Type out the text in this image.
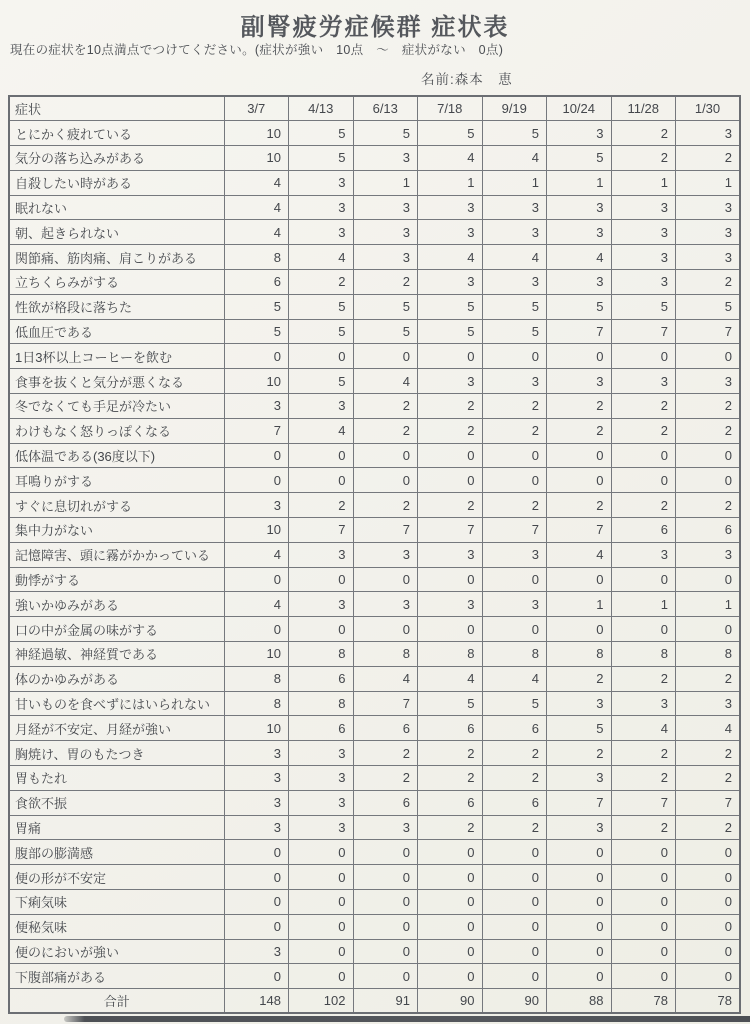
副腎疲労症候群 症状表
現在の症状を10点満点でつけてください。(症状が強い　10点　～　症状がない　0点)
名前:森本　恵
症状	3/7	4/13	6/13	7/18	9/19	10/24	11/28	1/30
とにかく疲れている	10	5	5	5	5	3	2	3
気分の落ち込みがある	10	5	3	4	4	5	2	2
自殺したい時がある	4	3	1	1	1	1	1	1
眠れない	4	3	3	3	3	3	3	3
朝、起きられない	4	3	3	3	3	3	3	3
関節痛、筋肉痛、肩こりがある	8	4	3	4	4	4	3	3
立ちくらみがする	6	2	2	3	3	3	3	2
性欲が格段に落ちた	5	5	5	5	5	5	5	5
低血圧である	5	5	5	5	5	7	7	7
1日3杯以上コーヒーを飲む	0	0	0	0	0	0	0	0
食事を抜くと気分が悪くなる	10	5	4	3	3	3	3	3
冬でなくても手足が冷たい	3	3	2	2	2	2	2	2
わけもなく怒りっぽくなる	7	4	2	2	2	2	2	2
低体温である(36度以下)	0	0	0	0	0	0	0	0
耳鳴りがする	0	0	0	0	0	0	0	0
すぐに息切れがする	3	2	2	2	2	2	2	2
集中力がない	10	7	7	7	7	7	6	6
記憶障害、頭に霧がかかっている	4	3	3	3	3	4	3	3
動悸がする	0	0	0	0	0	0	0	0
強いかゆみがある	4	3	3	3	3	1	1	1
口の中が金属の味がする	0	0	0	0	0	0	0	0
神経過敏、神経質である	10	8	8	8	8	8	8	8
体のかゆみがある	8	6	4	4	4	2	2	2
甘いものを食べずにはいられない	8	8	7	5	5	3	3	3
月経が不安定、月経が強い	10	6	6	6	6	5	4	4
胸焼け、胃のもたつき	3	3	2	2	2	2	2	2
胃もたれ	3	3	2	2	2	3	2	2
食欲不振	3	3	6	6	6	7	7	7
胃痛	3	3	3	2	2	3	2	2
腹部の膨満感	0	0	0	0	0	0	0	0
便の形が不安定	0	0	0	0	0	0	0	0
下痢気味	0	0	0	0	0	0	0	0
便秘気味	0	0	0	0	0	0	0	0
便のにおいが強い	3	0	0	0	0	0	0	0
下腹部痛がある	0	0	0	0	0	0	0	0
合計	148	102	91	90	90	88	78	78
